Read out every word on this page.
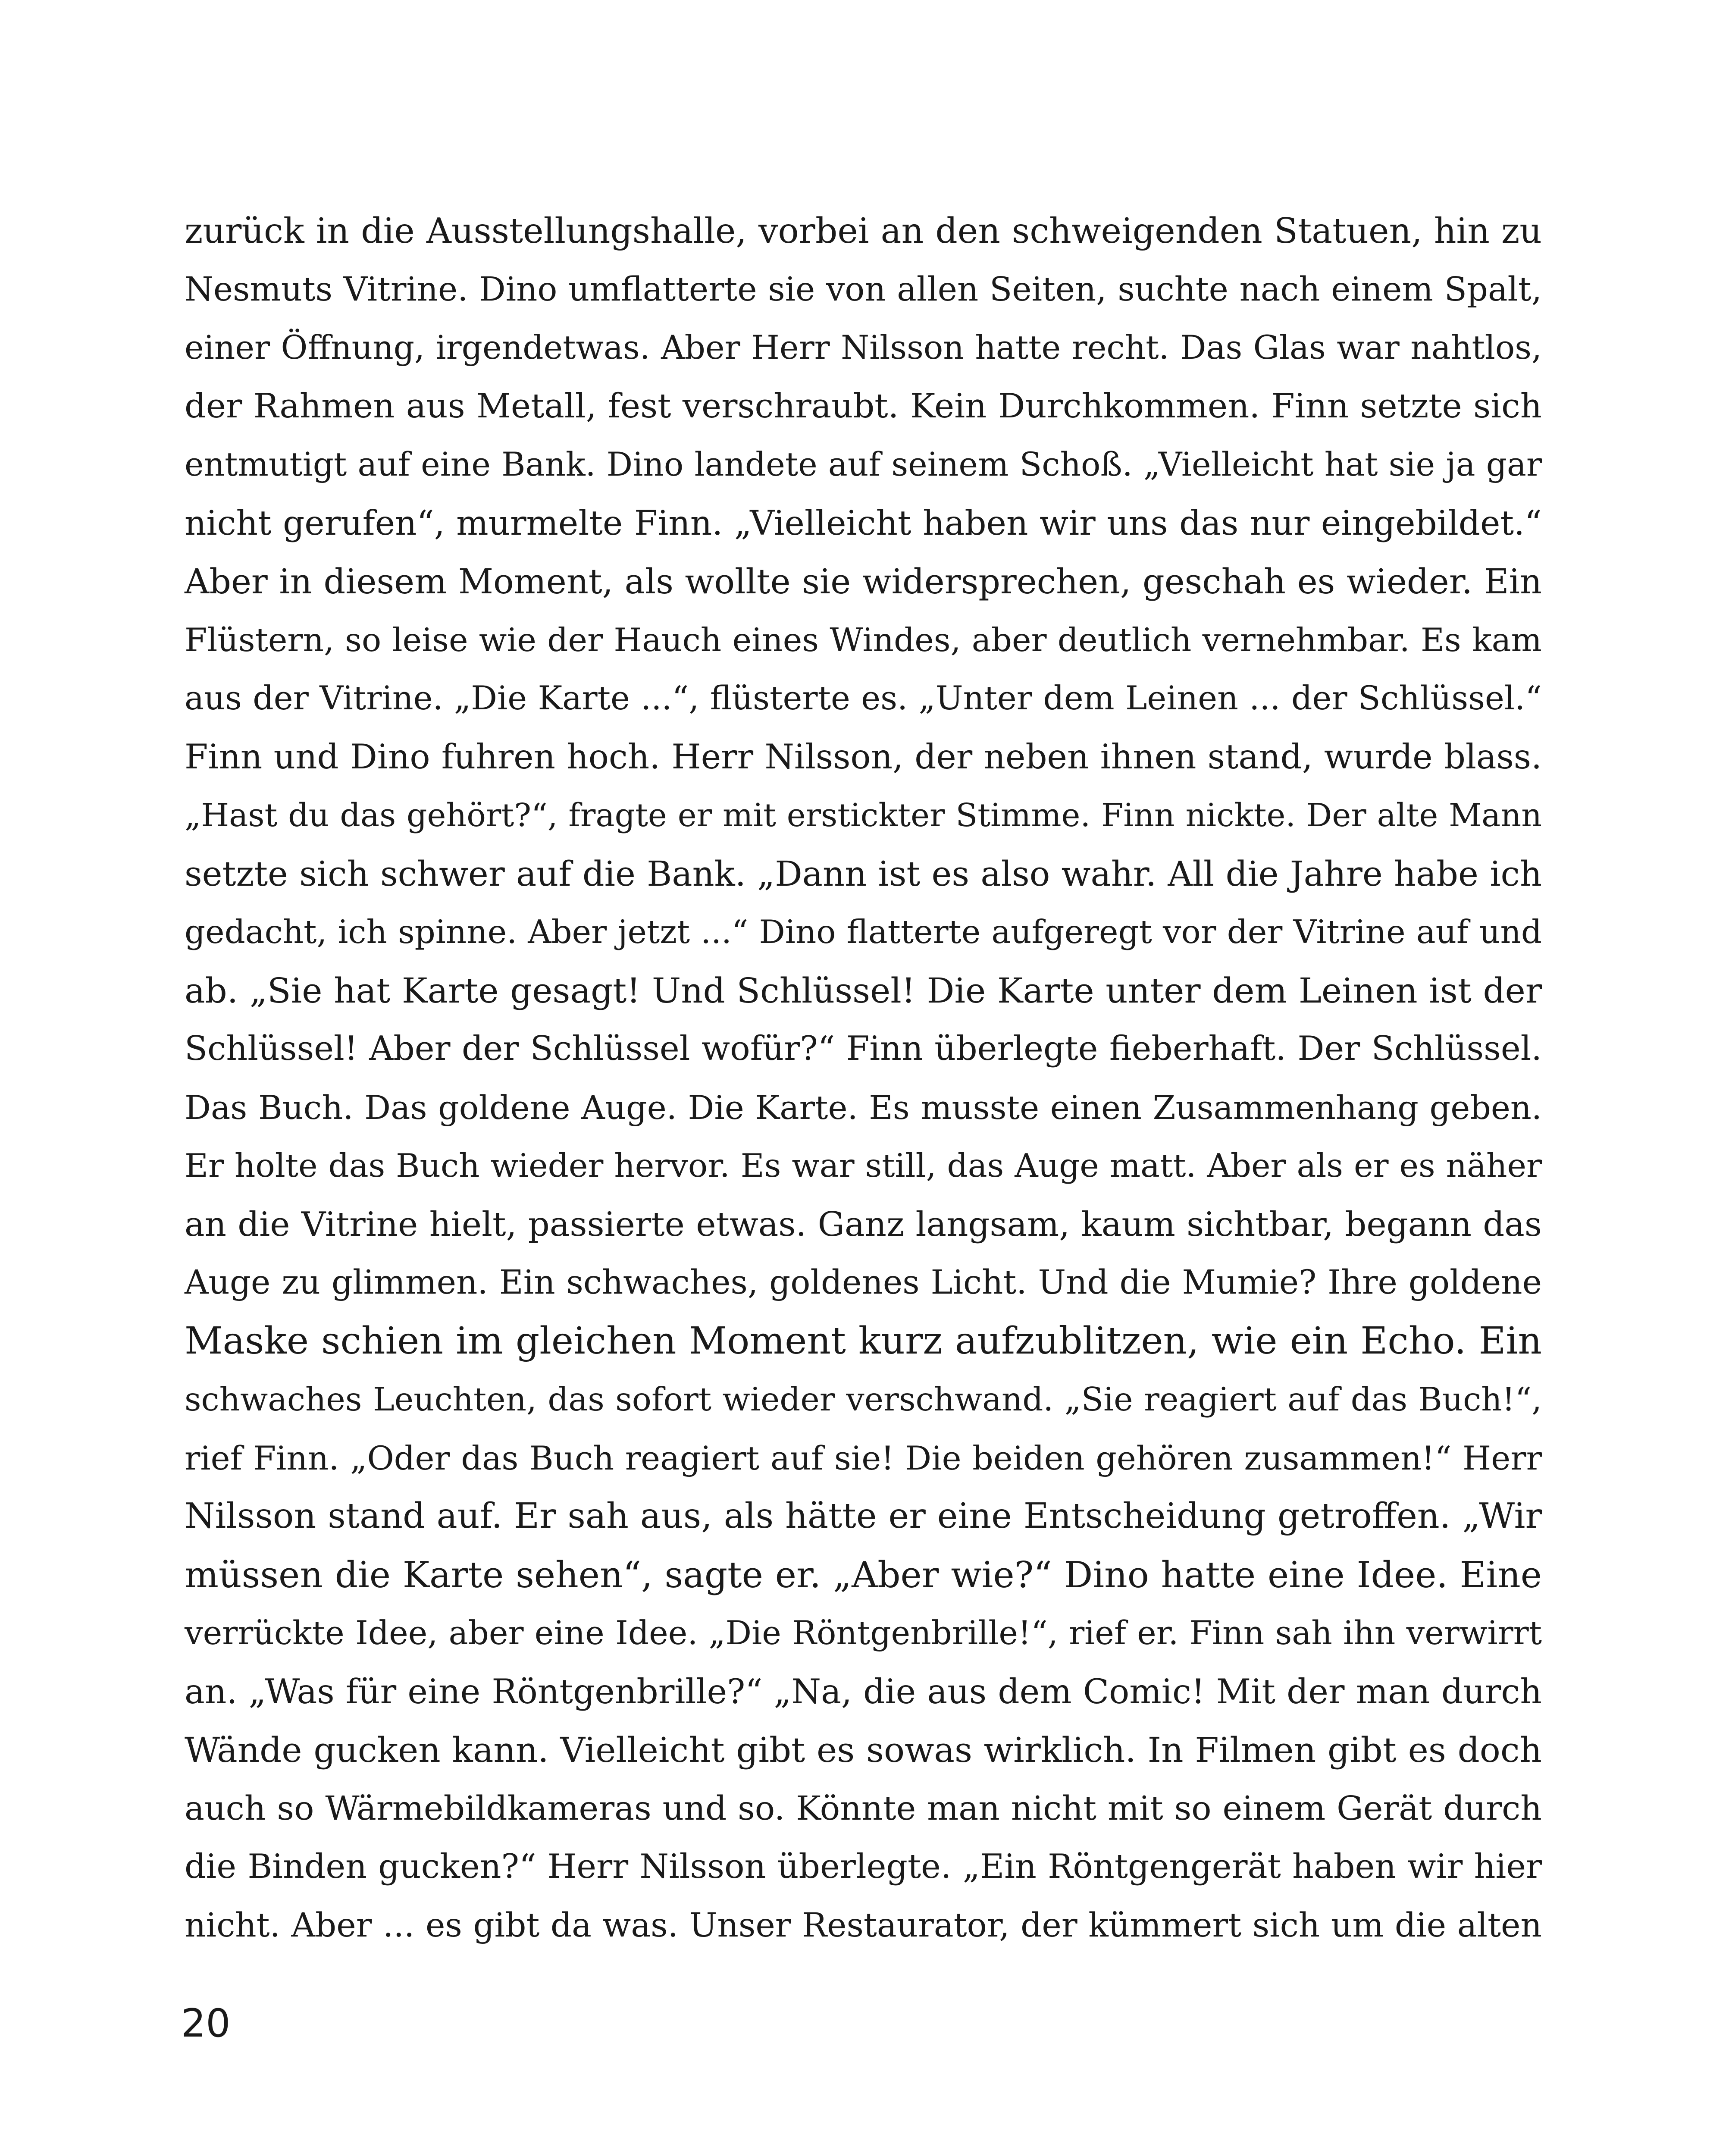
zurück in die Ausstellungshalle, vorbei an den schweigenden Statuen, hin zu
Nesmuts Vitrine. Dino umflatterte sie von allen Seiten, suchte nach einem Spalt,
einer Öffnung, irgendetwas. Aber Herr Nilsson hatte recht. Das Glas war nahtlos,
der Rahmen aus Metall, fest verschraubt. Kein Durchkommen. Finn setzte sich
entmutigt auf eine Bank. Dino landete auf seinem Schoß. „Vielleicht hat sie ja gar
nicht gerufen“, murmelte Finn. „Vielleicht haben wir uns das nur eingebildet.“
Aber in diesem Moment, als wollte sie widersprechen, geschah es wieder. Ein
Flüstern, so leise wie der Hauch eines Windes, aber deutlich vernehmbar. Es kam
aus der Vitrine. „Die Karte ...“, flüsterte es. „Unter dem Leinen ... der Schlüssel.“
Finn und Dino fuhren hoch. Herr Nilsson, der neben ihnen stand, wurde blass.
„Hast du das gehört?“, fragte er mit erstickter Stimme. Finn nickte. Der alte Mann
setzte sich schwer auf die Bank. „Dann ist es also wahr. All die Jahre habe ich
gedacht, ich spinne. Aber jetzt ...“ Dino flatterte aufgeregt vor der Vitrine auf und
ab. „Sie hat Karte gesagt! Und Schlüssel! Die Karte unter dem Leinen ist der
Schlüssel! Aber der Schlüssel wofür?“ Finn überlegte fieberhaft. Der Schlüssel.
Das Buch. Das goldene Auge. Die Karte. Es musste einen Zusammenhang geben.
Er holte das Buch wieder hervor. Es war still, das Auge matt. Aber als er es näher
an die Vitrine hielt, passierte etwas. Ganz langsam, kaum sichtbar, begann das
Auge zu glimmen. Ein schwaches, goldenes Licht. Und die Mumie? Ihre goldene
Maske schien im gleichen Moment kurz aufzublitzen, wie ein Echo. Ein
schwaches Leuchten, das sofort wieder verschwand. „Sie reagiert auf das Buch!“,
rief Finn. „Oder das Buch reagiert auf sie! Die beiden gehören zusammen!“ Herr
Nilsson stand auf. Er sah aus, als hätte er eine Entscheidung getroffen. „Wir
müssen die Karte sehen“, sagte er. „Aber wie?“ Dino hatte eine Idee. Eine
verrückte Idee, aber eine Idee. „Die Röntgenbrille!“, rief er. Finn sah ihn verwirrt
an. „Was für eine Röntgenbrille?“ „Na, die aus dem Comic! Mit der man durch
Wände gucken kann. Vielleicht gibt es sowas wirklich. In Filmen gibt es doch
auch so Wärmebildkameras und so. Könnte man nicht mit so einem Gerät durch
die Binden gucken?“ Herr Nilsson überlegte. „Ein Röntgengerät haben wir hier
nicht. Aber ... es gibt da was. Unser Restaurator, der kümmert sich um die alten
20
